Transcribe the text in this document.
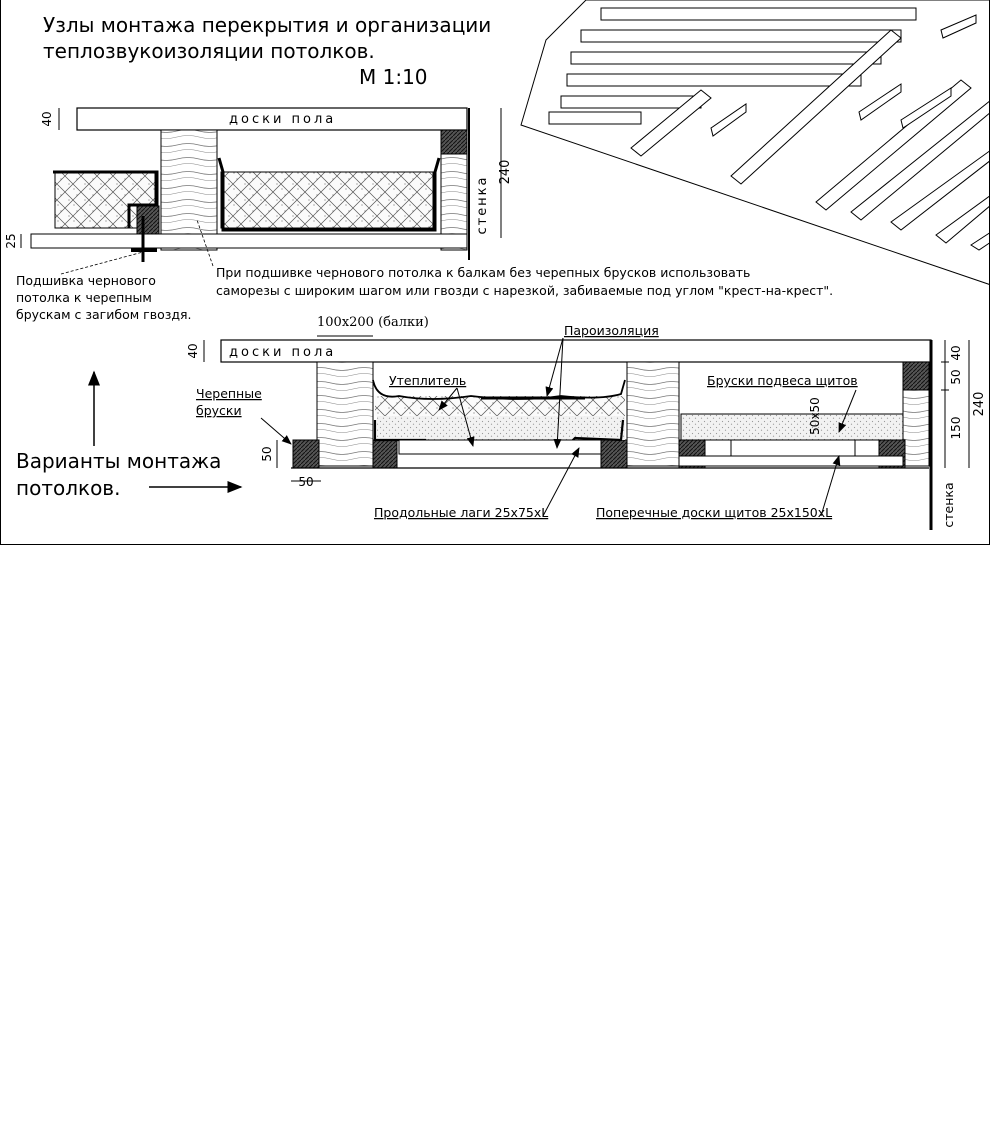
Узлы монтажа перекрытия и организации
теплозвукоизоляции потолков.
М 1:10
доски пола
40
25
240
стенка
Подшивка чернового
потолка к черепным
брускам с загибом гвоздя.
При подшивке чернового потолка к балкам без черепных брусков использовать
саморезы с широким шагом или гвозди с нарезкой, забиваемые под углом "крест-на-крест".
100х200 (балки)
доски пола
40
Пароизоляция
Утеплитель
Черепные
бруски
Бруски подвеса щитов
50х50
Продольные лаги 25х75хL	Поперечные доски щитов 25х150хL
50
50
40
50
150
240
стенка
Варианты монтажа
потолков.
